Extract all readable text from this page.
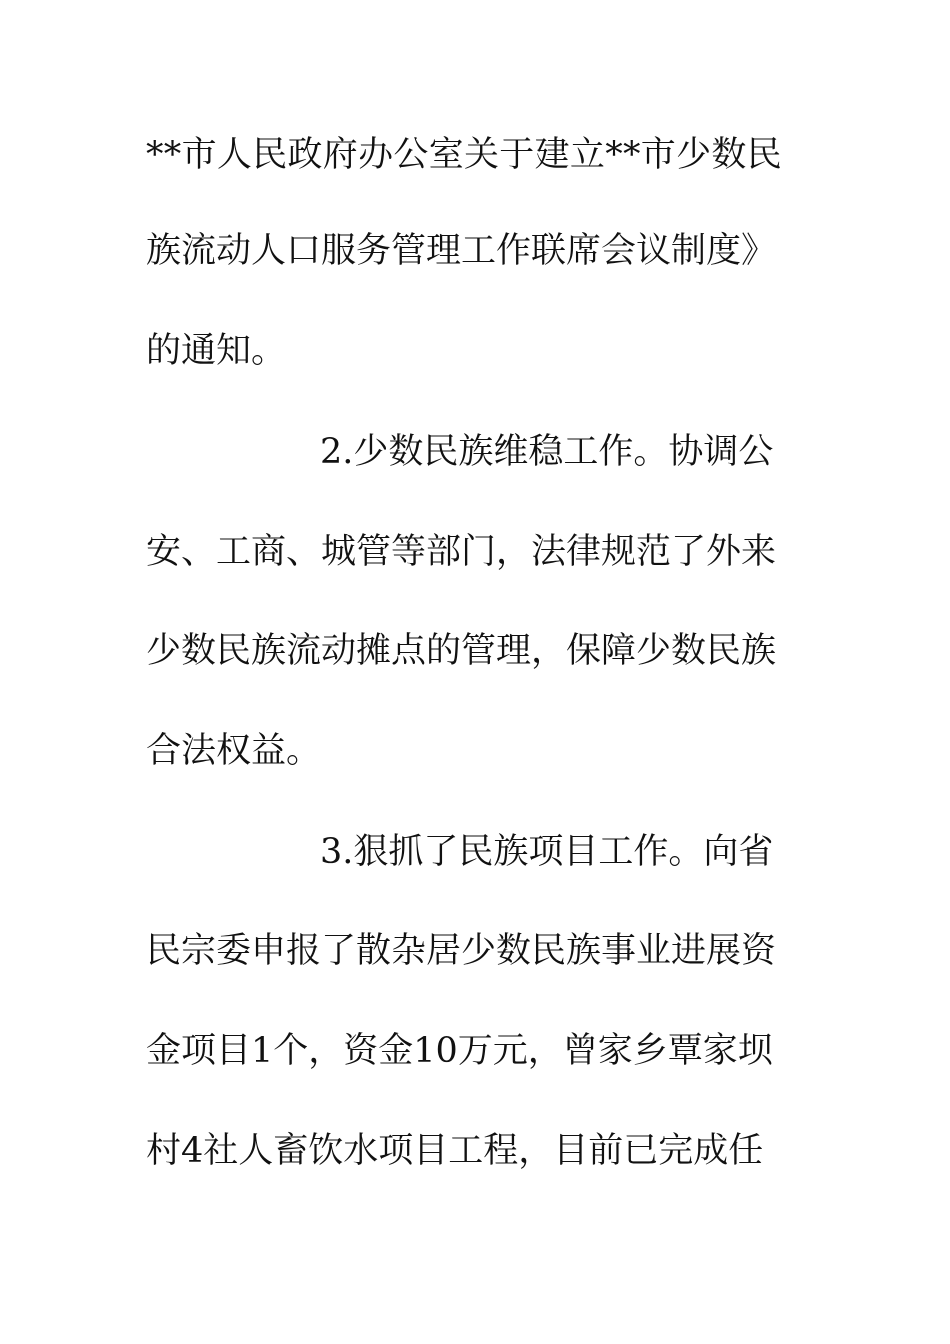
**市人民政府办公室关于建立**市少数民
族流动人口服务管理工作联席会议制度》
的通知。
2.少数民族维稳工作。协调公
安、工商、城管等部门，法律规范了外来
少数民族流动摊点的管理，保障少数民族
合法权益。
3.狠抓了民族项目工作。向省
民宗委申报了散杂居少数民族事业进展资
金项目1个，资金10万元，曾家乡覃家坝
村4社人畜饮水项目工程，目前已完成任
